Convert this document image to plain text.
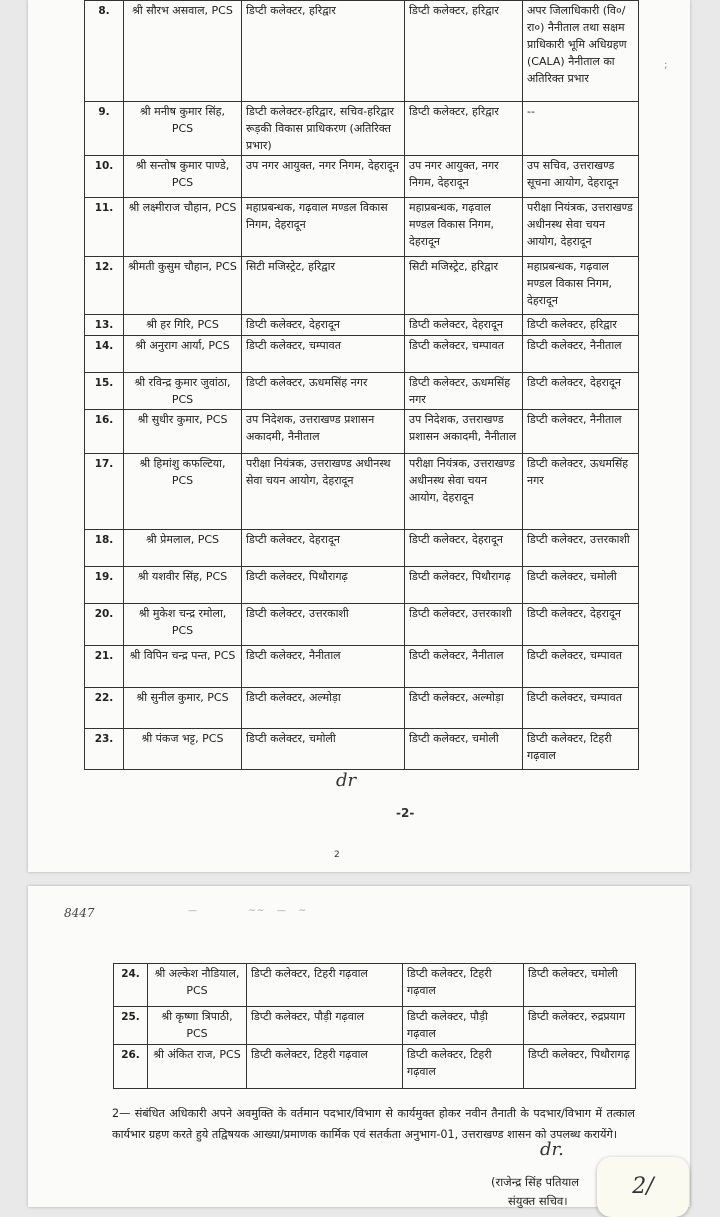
8.	श्री सौरभ असवाल, PCS	डिप्टी कलेक्टर, हरिद्वार	डिप्टी कलेक्टर, हरिद्वार	अपर जिलाधिकारी (वि०/रा०) नैनीताल तथा सक्षम प्राधिकारी भूमि अधिग्रहण (CALA) नैनीताल का अतिरिक्त प्रभार
9.	श्री मनीष कुमार सिंह, PCS	डिप्टी कलेक्टर-हरिद्वार, सचिव-हरिद्वार रूड़की विकास प्राधिकरण (अतिरिक्त प्रभार)	डिप्टी कलेक्टर, हरिद्वार	--
10.	श्री सन्तोष कुमार पाण्डे, PCS	उप नगर आयुक्त, नगर निगम, देहरादून	उप नगर आयुक्त, नगर निगम, देहरादून	उप सचिव, उत्तराखण्ड सूचना आयोग, देहरादून
11.	श्री लक्ष्मीराज चौहान, PCS	महाप्रबन्धक, गढ़वाल मण्डल विकास निगम, देहरादून	महाप्रबन्धक, गढ़वाल मण्डल विकास निगम, देहरादून	परीक्षा नियंत्रक, उत्तराखण्ड अधीनस्थ सेवा चयन आयोग, देहरादून
12.	श्रीमती कुसुम चौहान, PCS	सिटी मजिस्ट्रेट, हरिद्वार	सिटी मजिस्ट्रेट, हरिद्वार	महाप्रबन्धक, गढ़वाल मण्डल विकास निगम, देहरादून
13.	श्री हर गिरि, PCS	डिप्टी कलेक्टर, देहरादून	डिप्टी कलेक्टर, देहरादून	डिप्टी कलेक्टर, हरिद्वार
14.	श्री अनुराग आर्या, PCS	डिप्टी कलेक्टर, चम्पावत	डिप्टी कलेक्टर, चम्पावत	डिप्टी कलेक्टर, नैनीताल
15.	श्री रविन्द्र कुमार जुवांठा, PCS	डिप्टी कलेक्टर, ऊधमसिंह नगर	डिप्टी कलेक्टर, ऊधमसिंह नगर	डिप्टी कलेक्टर, देहरादून
16.	श्री सुधीर कुमार, PCS	उप निदेशक, उत्तराखण्ड प्रशासन अकादमी, नैनीताल	उप निदेशक, उत्तराखण्ड प्रशासन अकादमी, नैनीताल	डिप्टी कलेक्टर, नैनीताल
17.	श्री हिमांशु कफल्टिया, PCS	परीक्षा नियंत्रक, उत्तराखण्ड अधीनस्थ सेवा चयन आयोग, देहरादून	परीक्षा नियंत्रक, उत्तराखण्ड अधीनस्थ सेवा चयन आयोग, देहरादून	डिप्टी कलेक्टर, ऊधमसिंह नगर
18.	श्री प्रेमलाल, PCS	डिप्टी कलेक्टर, देहरादून	डिप्टी कलेक्टर, देहरादून	डिप्टी कलेक्टर, उत्तरकाशी
19.	श्री यशवीर सिंह, PCS	डिप्टी कलेक्टर, पिथौरागढ़	डिप्टी कलेक्टर, पिथौरागढ़	डिप्टी कलेक्टर, चमोली
20.	श्री मुकेश चन्द्र रमोला, PCS	डिप्टी कलेक्टर, उत्तरकाशी	डिप्टी कलेक्टर, उत्तरकाशी	डिप्टी कलेक्टर, देहरादून
21.	श्री विपिन चन्द्र पन्त, PCS	डिप्टी कलेक्टर, नैनीताल	डिप्टी कलेक्टर, नैनीताल	डिप्टी कलेक्टर, चम्पावत
22.	श्री सुनील कुमार, PCS	डिप्टी कलेक्टर, अल्मोड़ा	डिप्टी कलेक्टर, अल्मोड़ा	डिप्टी कलेक्टर, चम्पावत
23.	श्री पंकज भट्ट, PCS	डिप्टी कलेक्टर, चमोली	डिप्टी कलेक्टर, चमोली	डिप्टी कलेक्टर, टिहरी गढ़वाल
dr
-2-
2
;
8447	—             ~~   —   ~
24.	श्री अल्केश नौडियाल, PCS	डिप्टी कलेक्टर, टिहरी गढ़वाल	डिप्टी कलेक्टर, टिहरी गढ़वाल	डिप्टी कलेक्टर, चमोली
25.	श्री कृष्णा त्रिपाठी, PCS	डिप्टी कलेक्टर, पौड़ी गढ़वाल	डिप्टी कलेक्टर, पौड़ी गढ़वाल	डिप्टी कलेक्टर, रुद्रप्रयाग
26.	श्री अंकित राज, PCS	डिप्टी कलेक्टर, टिहरी गढ़वाल	डिप्टी कलेक्टर, टिहरी गढ़वाल	डिप्टी कलेक्टर, पिथौरागढ़
2— संबंधित अधिकारी अपने अवमुक्ति के वर्तमान पदभार/विभाग से कार्यमुक्त होकर नवीन तैनाती के पदभार/विभाग में तत्काल कार्यभार ग्रहण करते हुये तद्विषयक आख्या/प्रमाणक कार्मिक एवं सतर्कता अनुभाग-01, उत्तराखण्ड शासन को उपलब्ध करायेंगे।
dr.
(राजेन्द्र सिंह पतियाल
संयुक्त सचिव।
2/
